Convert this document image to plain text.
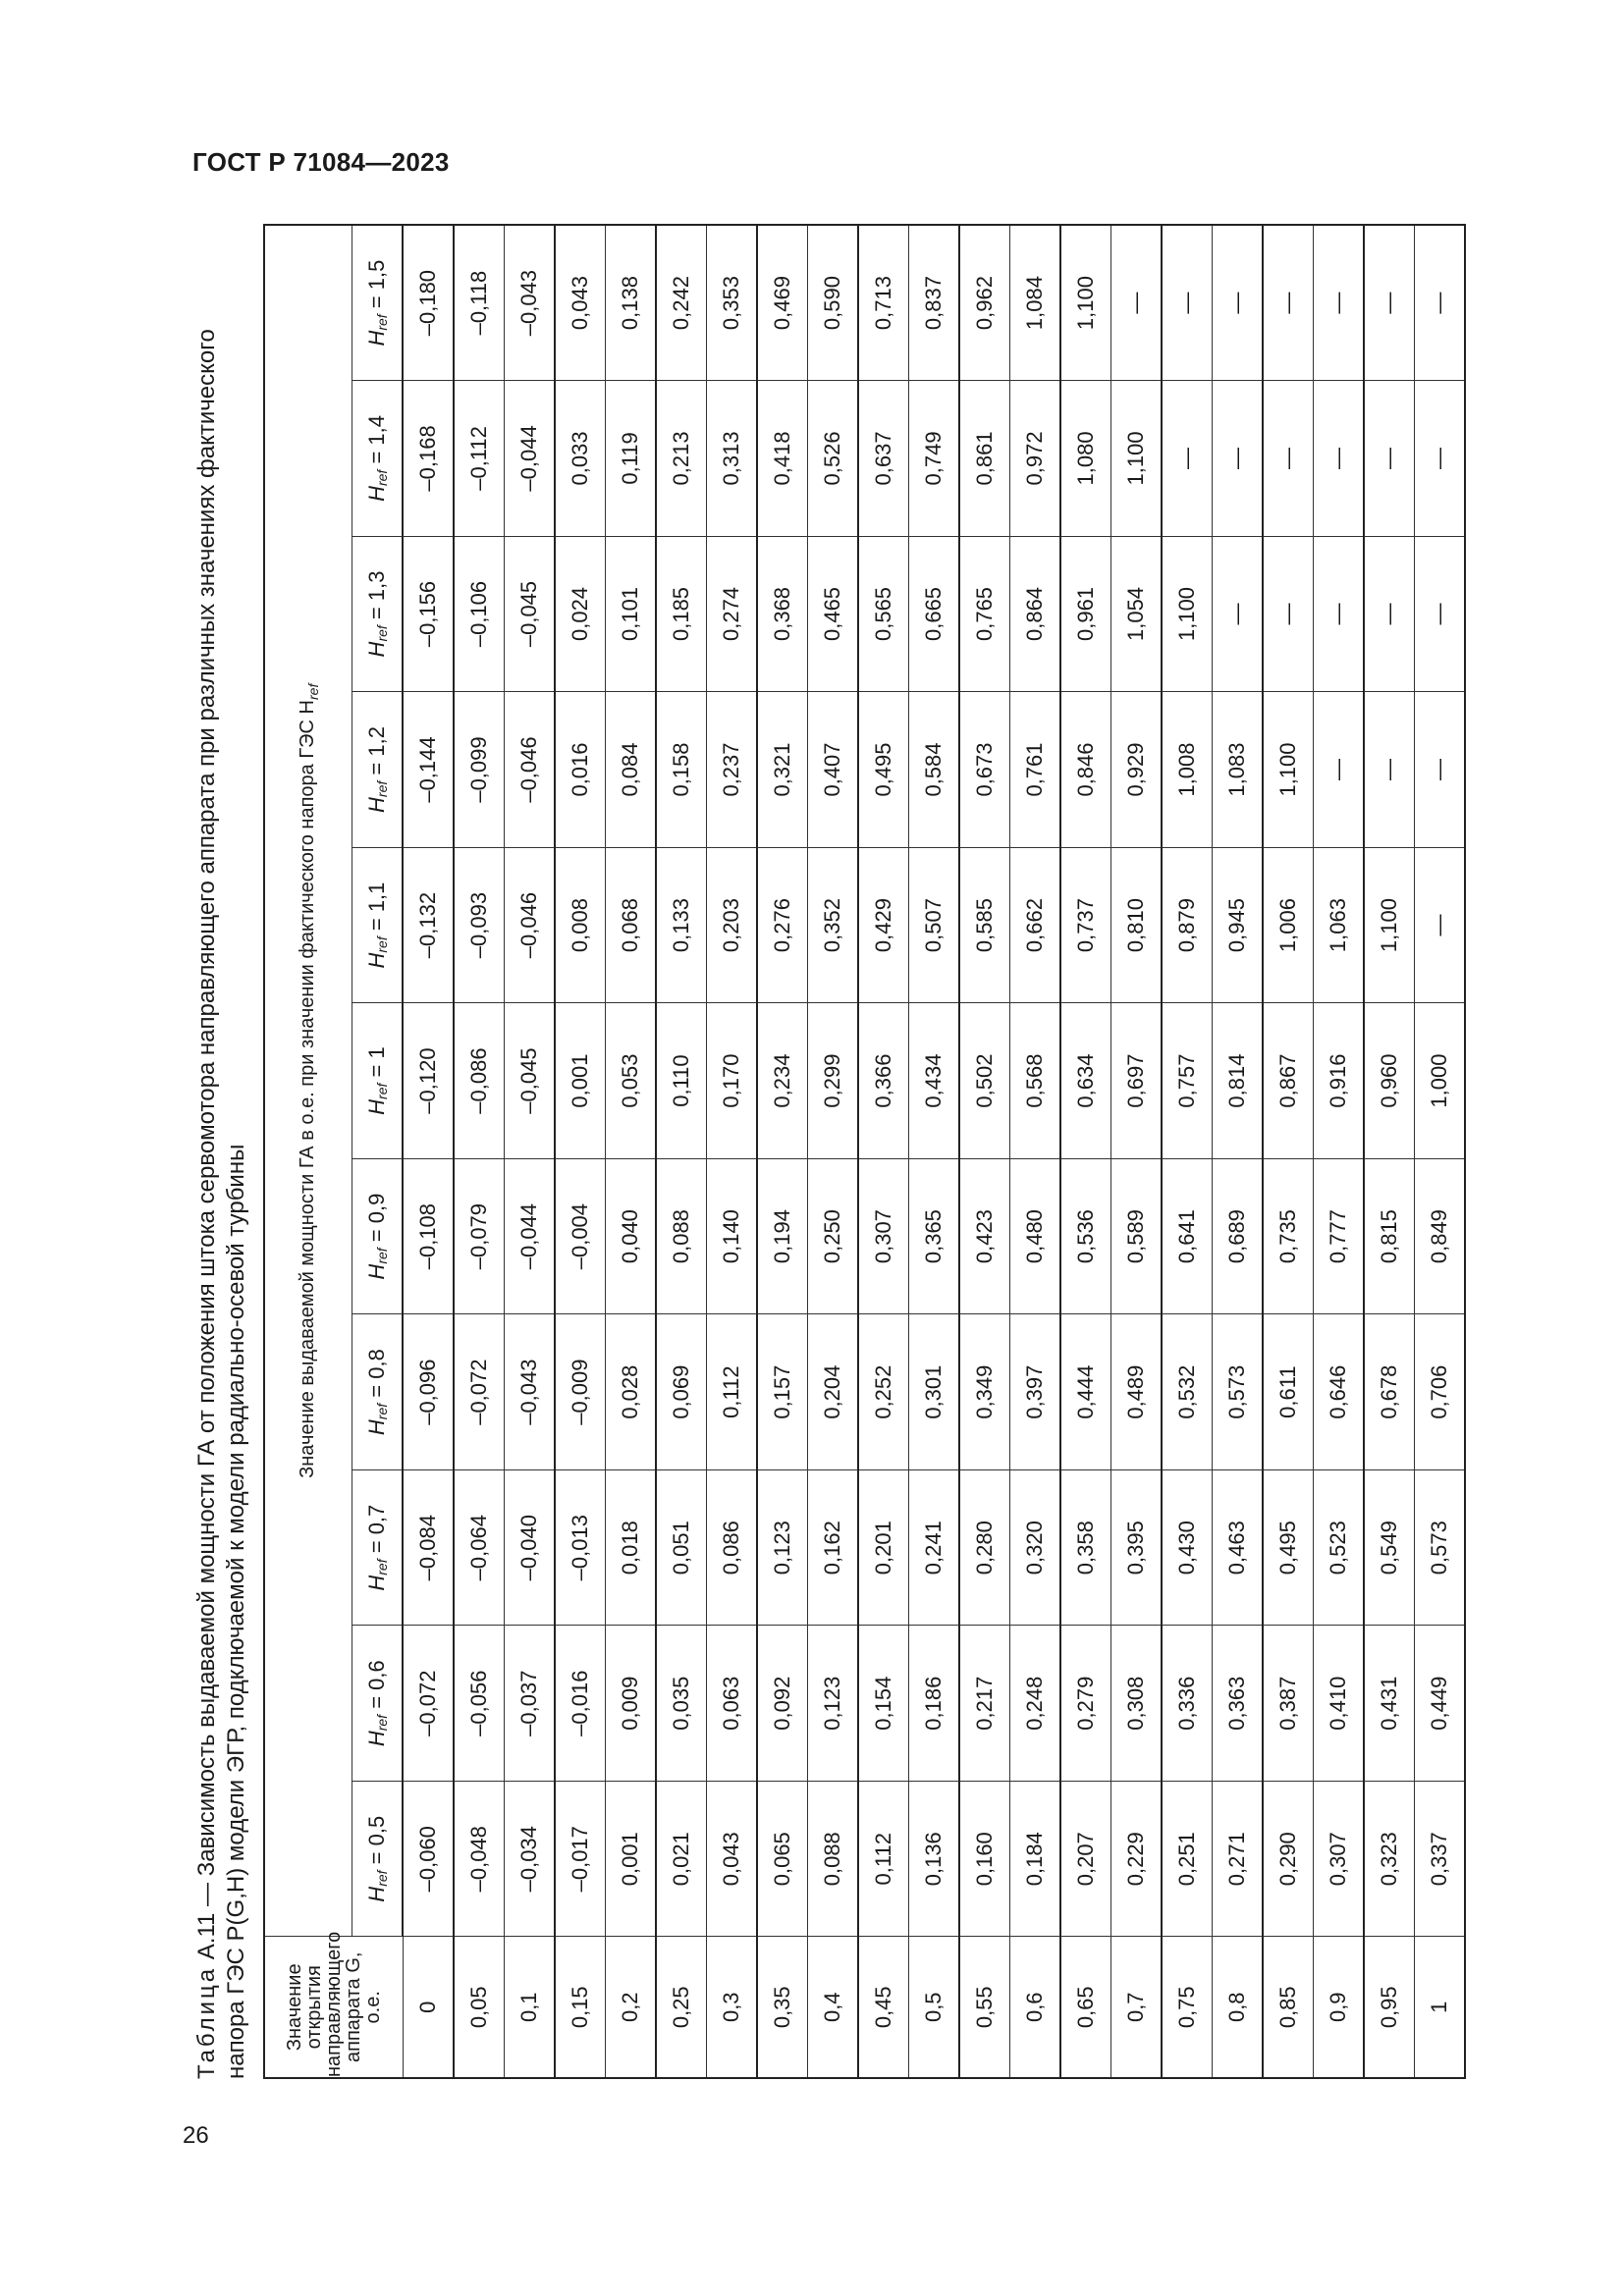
ГОСТ Р 71084—2023
26
Таблица А.11 — Зависимость выдаваемой мощности ГА от положения штока сервомотора направляющего аппарата при различных значениях фактического напора ГЭС P(G,H) модели ЭГР, подключаемой к модели радиально-осевой турбины Значение открытия направляющего аппарата G, о.е.	Значение выдаваемой мощности ГА в о.е. при значении фактического напора ГЭС $H_{ref}$
	$H_{ref} = 0,5$	$H_{ref} = 0,6$	$H_{ref} = 0,7$	$H_{ref} = 0,8$	$H_{ref} = 0,9$	$H_{ref} = 1$	$H_{ref} = 1,1$	$H_{ref} = 1,2$	$H_{ref} = 1,3$	$H_{ref} = 1,4$	$H_{ref} = 1,5$
0	–0,060	–0,072	–0,084	–0,096	–0,108	–0,120	–0,132	–0,144	–0,156	–0,168	–0,180
0,05	–0,048	–0,056	–0,064	–0,072	–0,079	–0,086	–0,093	–0,099	–0,106	–0,112	–0,118
0,1	–0,034	–0,037	–0,040	–0,043	–0,044	–0,045	–0,046	–0,046	–0,045	–0,044	–0,043
0,15	–0,017	–0,016	–0,013	–0,009	–0,004	0,001	0,008	0,016	0,024	0,033	0,043
0,2	0,001	0,009	0,018	0,028	0,040	0,053	0,068	0,084	0,101	0,119	0,138
0,25	0,021	0,035	0,051	0,069	0,088	0,110	0,133	0,158	0,185	0,213	0,242
0,3	0,043	0,063	0,086	0,112	0,140	0,170	0,203	0,237	0,274	0,313	0,353
0,35	0,065	0,092	0,123	0,157	0,194	0,234	0,276	0,321	0,368	0,418	0,469
0,4	0,088	0,123	0,162	0,204	0,250	0,299	0,352	0,407	0,465	0,526	0,590
0,45	0,112	0,154	0,201	0,252	0,307	0,366	0,429	0,495	0,565	0,637	0,713
0,5	0,136	0,186	0,241	0,301	0,365	0,434	0,507	0,584	0,665	0,749	0,837
0,55	0,160	0,217	0,280	0,349	0,423	0,502	0,585	0,673	0,765	0,861	0,962
0,6	0,184	0,248	0,320	0,397	0,480	0,568	0,662	0,761	0,864	0,972	1,084
0,65	0,207	0,279	0,358	0,444	0,536	0,634	0,737	0,846	0,961	1,080	1,100
0,7	0,229	0,308	0,395	0,489	0,589	0,697	0,810	0,929	1,054	1,100	—
0,75	0,251	0,336	0,430	0,532	0,641	0,757	0,879	1,008	1,100	—	—
0,8	0,271	0,363	0,463	0,573	0,689	0,814	0,945	1,083	—	—	—
0,85	0,290	0,387	0,495	0,611	0,735	0,867	1,006	1,100	—	—	—
0,9	0,307	0,410	0,523	0,646	0,777	0,916	1,063	—	—	—	—
0,95	0,323	0,431	0,549	0,678	0,815	0,960	1,100	—	—	—	—
1	0,337	0,449	0,573	0,706	0,849	1,000	—	—	—	—	—
